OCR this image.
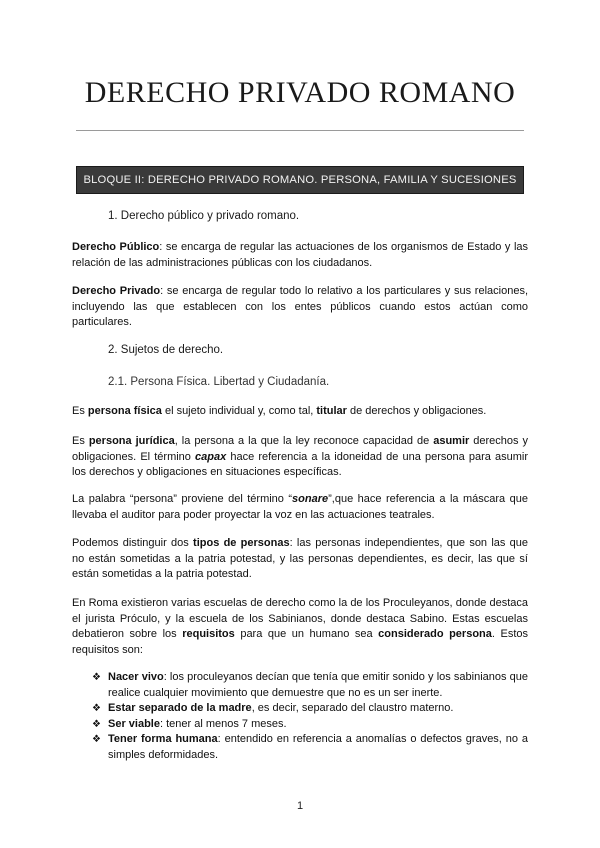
DERECHO PRIVADO ROMANO
BLOQUE II: DERECHO PRIVADO ROMANO. PERSONA, FAMILIA Y SUCESIONES
1. Derecho público y privado romano.
Derecho Público: se encarga de regular las actuaciones de los organismos de Estado y las relación de las administraciones públicas con los ciudadanos.
Derecho Privado: se encarga de regular todo lo relativo a los particulares y sus relaciones, incluyendo las que establecen con los entes públicos cuando estos actúan como particulares.
2. Sujetos de derecho.
2.1. Persona Física. Libertad y Ciudadanía.
Es persona física el sujeto individual y, como tal, titular de derechos y obligaciones.
Es persona jurídica, la persona a la que la ley reconoce capacidad de asumir derechos y obligaciones. El término capax hace referencia a la idoneidad de una persona para asumir los derechos y obligaciones en situaciones específicas.
La palabra “persona” proviene del término “sonare”,que hace referencia a la máscara que llevaba el auditor para poder proyectar la voz en las actuaciones teatrales.
Podemos distinguir dos tipos de personas: las personas independientes, que son las que no están sometidas a la patria potestad, y las personas dependientes, es decir, las que sí están sometidas a la patria potestad.
En Roma existieron varias escuelas de derecho como la de los Proculeyanos, donde destaca el jurista Próculo, y la escuela de los Sabinianos, donde destaca Sabino. Estas escuelas debatieron sobre los requisitos para que un humano sea considerado persona. Estos requisitos son:
❖ Nacer vivo: los proculeyanos decían que tenía que emitir sonido y los sabinianos que realice cualquier movimiento que demuestre que no es un ser inerte.
❖ Estar separado de la madre, es decir, separado del claustro materno.
❖ Ser viable: tener al menos 7 meses.
❖ Tener forma humana: entendido en referencia a anomalías o defectos graves, no a simples deformidades.
1
